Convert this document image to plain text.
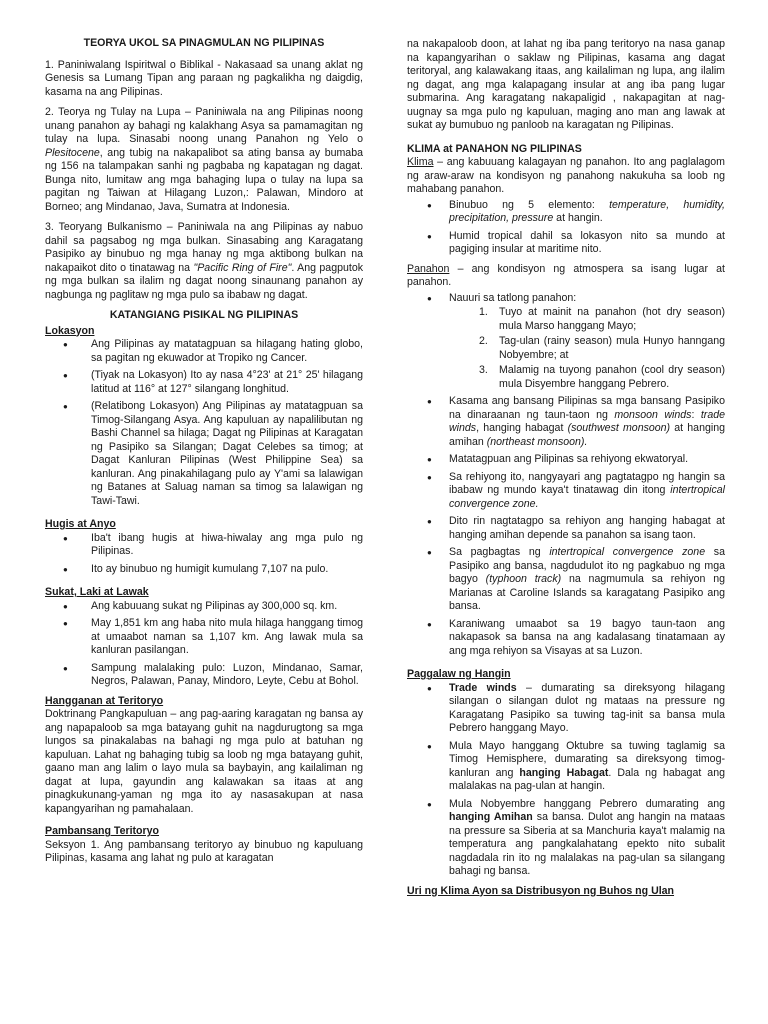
TEORYA UKOL SA PINAGMULAN NG PILIPINAS

1. Paniniwalang Ispiritwal o Biblikal - Nakasaad sa unang aklat ng Genesis sa Lumang Tipan ang paraan ng pagkalikha ng daigdig, kasama na ang Pilipinas.

2. Teorya ng Tulay na Lupa – Paniniwala na ang Pilipinas noong unang panahon ay bahagi ng kalakhang Asya sa pamamagitan ng tulay na lupa. Sinasabi noong unang Panahon ng Yelo o Plesitocene, ang tubig na nakapalibot sa ating bansa ay bumaba ng 156 na talampakan sanhi ng pagbaba ng kapatagan ng dagat. Bunga nito, lumitaw ang mga bahaging lupa o tulay na lupa sa pagitan ng Taiwan at Hilagang Luzon,: Palawan, Mindoro at Borneo; ang Mindanao, Java, Sumatra at Indonesia.

3. Teoryang Bulkanismo – Paniniwala na ang Pilipinas ay nabuo dahil sa pagsabog ng mga bulkan. Sinasabing ang Karagatang Pasipiko ay binubuo ng mga hanay ng mga aktibong bulkan na nakapaikot dito o tinatawag na "Pacific Ring of Fire". Ang pagputok ng mga bulkan sa ilalim ng dagat noong sinaunang panahon ay nagbunga ng paglitaw ng mga pulo sa ibabaw ng dagat.

KATANGIANG PISIKAL NG PILIPINAS
Lokasyon
● Ang Pilipinas ay matatagpuan sa hilagang hating globo, sa pagitan ng ekuwador at Tropiko ng Cancer.
● (Tiyak na Lokasyon) Ito ay nasa 4°23' at 21° 25' hilagang latitud at 116° at 127° silangang longhitud.
● (Relatibong Lokasyon) Ang Pilipinas ay matatagpuan sa Timog-Silangang Asya. Ang kapuluan ay napalilibutan ng Bashi Channel sa hilaga; Dagat ng Pilipinas at Karagatan ng Pasipiko sa Silangan; Dagat Celebes sa timog; at Dagat Kanluran Pilipinas (West Philippine Sea) sa kanluran. Ang pinakahilagang pulo ay Y'ami sa lalawigan ng Batanes at Saluag naman sa timog sa lalawigan ng Tawi-Tawi.
Hugis at Anyo
● Iba't ibang hugis at hiwa-hiwalay ang mga pulo ng Pilipinas.
● Ito ay binubuo ng humigit kumulang 7,107 na pulo.
Sukat, Laki at Lawak
● Ang kabuuang sukat ng Pilipinas ay 300,000 sq. km.
● May 1,851 km ang haba nito mula hilaga hanggang timog at umaabot naman sa 1,107 km. Ang lawak mula sa kanluran pasilangan.
● Sampung malalaking pulo: Luzon, Mindanao, Samar, Negros, Palawan, Panay, Mindoro, Leyte, Cebu at Bohol.
Hangganan at Teritoryo

Doktrinang Pangkapuluan – ang pag-aaring karagatan ng bansa ay ang napapaloob sa mga batayang guhit na nagdurugtong sa mga lungos sa pinakalabas na bahagi ng mga pulo at batuhan ng kapuluan. Lahat ng bahaging tubig sa loob ng mga batayang guhit, gaano man ang lalim o layo mula sa baybayin, ang kailaliman ng dagat at lupa, gayundin ang kalawakan sa itaas at ang pinagkukunang-yaman ng mga ito ay nasasakupan at nasa kapangyarihan ng pamahalaan.

Pambansang Teritoryo

Seksyon 1. Ang pambansang teritoryo ay binubuo ng kapuluang Pilipinas, kasama ang lahat ng pulo at karagatan

na nakapaloob doon, at lahat ng iba pang teritoryo na nasa ganap na kapangyarihan o saklaw ng Pilipinas, kasama ang dagat teritoryal, ang kalawakang itaas, ang kailaliman ng lupa, ang ilalim ng dagat, ang mga kalapagang insular at ang iba pang lugar submarina. Ang karagatang nakapaligid , nakapagitan at nag-uugnay sa mga pulo ng kapuluan, maging ano man ang lawak at sukat ay bumubuo ng panloob na karagatan ng Pilipinas.

KLIMA at PANAHON NG PILIPINAS

Klima – ang kabuuang kalagayan ng panahon. Ito ang paglalagom ng araw-araw na kondisyon ng panahong nakukuha sa loob ng mahabang panahon.

● Binubuo ng 5 elemento: temperature, humidity, precipitation, pressure at hangin.
● Humid tropical dahil sa lokasyon nito sa mundo at pagiging insular at maritime nito.

Panahon – ang kondisyon ng atmospera sa isang lugar at panahon.

● Nauuri sa tatlong panahon:
1. Tuyo at mainit na panahon (hot dry season) mula Marso hanggang Mayo;
2. Tag-ulan (rainy season) mula Hunyo hanngang Nobyembre; at
3. Malamig na tuyong panahon (cool dry season) mula Disyembre hanggang Pebrero.
● Kasama ang bansang Pilipinas sa mga bansang Pasipiko na dinaraanan ng taun-taon ng monsoon winds: trade winds, hanging habagat (southwest monsoon) at hanging amihan (northeast monsoon).
● Matatagpuan ang Pilipinas sa rehiyong ekwatoryal.
● Sa rehiyong ito, nangyayari ang pagtatagpo ng hangin sa ibabaw ng mundo kaya't tinatawag din itong intertropical convergence zone.
● Dito rin nagtatagpo sa rehiyon ang hanging habagat at hanging amihan depende sa panahon sa isang taon.
● Sa pagbagtas ng intertropical convergence zone sa Pasipiko ang bansa, nagdudulot ito ng pagkabuo ng mga bagyo (typhoon track) na nagmumula sa rehiyon ng Marianas at Caroline Islands sa karagatang Pasipiko ang bansa.
● Karaniwang umaabot sa 19 bagyo taun-taon ang nakapasok sa bansa na ang kadalasang tinatamaan ay ang mga rehiyon sa Visayas at sa Luzon.
Paggalaw ng Hangin
● Trade winds – dumarating sa direksyong hilagang silangan o silangan dulot ng mataas na pressure ng Karagatang Pasipiko sa tuwing tag-init sa bansa mula Pebrero hanggang Mayo.
● Mula Mayo hanggang Oktubre sa tuwing taglamig sa Timog Hemisphere, dumarating sa direksyong timog-kanluran ang hanging Habagat. Dala ng habagat ang malalakas na pag-ulan at hangin.
● Mula Nobyembre hanggang Pebrero dumarating ang hanging Amihan sa bansa. Dulot ang hangin na mataas na pressure sa Siberia at sa Manchuria kaya't malamig na temperatura ang pangkalahatang epekto nito subalit nagdadala rin ito ng malalakas na pag-ulan sa silangang bahagi ng bansa.
Uri ng Klima Ayon sa Distribusyon ng Buhos ng Ulan
